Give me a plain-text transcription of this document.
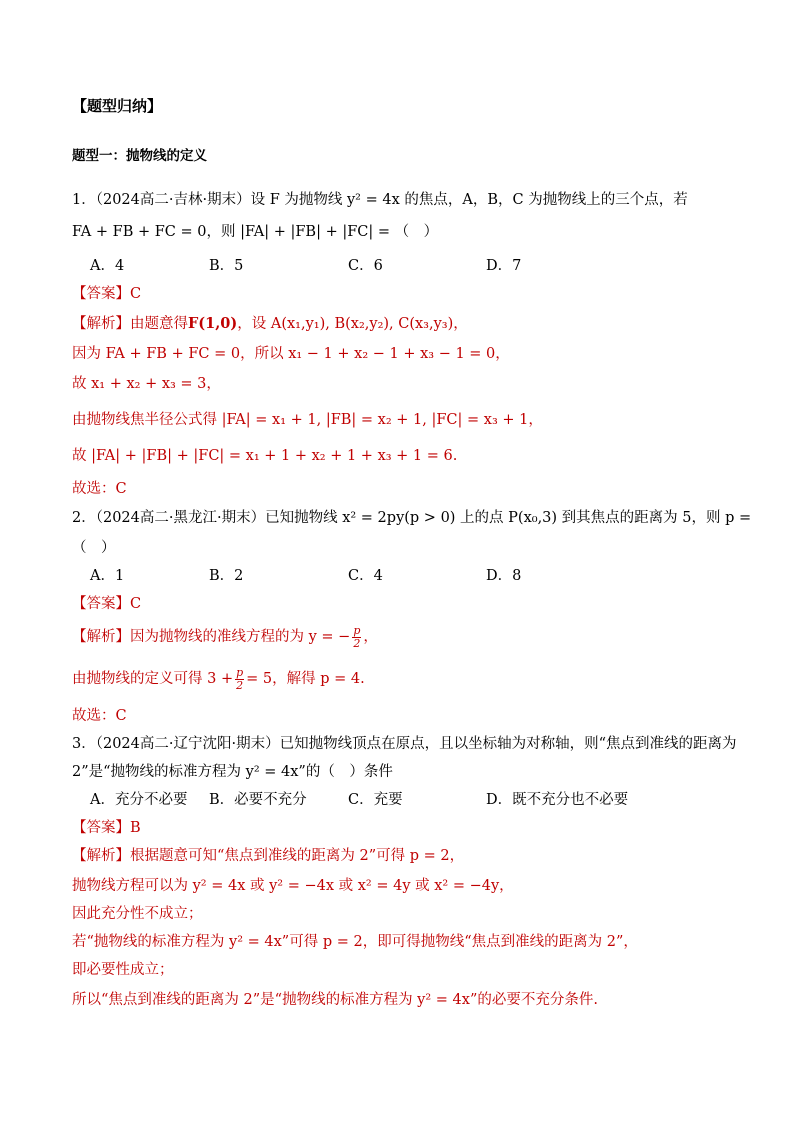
【题型归纳】
题型一：抛物线的定义
1．（2024高二·吉林·期末）设 F 为抛物线 y² = 4x 的焦点，A，B，C 为抛物线上的三个点，若
FA + FB + FC = 0，则 |FA| + |FB| + |FC| = （　）
A．4	B．5	C．6	D．7
【答案】C
【解析】由题意得F(1,0)，设 A(x₁,y₁), B(x₂,y₂), C(x₃,y₃)，
因为 FA + FB + FC = 0，所以 x₁ − 1 + x₂ − 1 + x₃ − 1 = 0，
故 x₁ + x₂ + x₃ = 3，
由抛物线焦半径公式得 |FA| = x₁ + 1, |FB| = x₂ + 1, |FC| = x₃ + 1，
故 |FA| + |FB| + |FC| = x₁ + 1 + x₂ + 1 + x₃ + 1 = 6.
故选：C
2．（2024高二·黑龙江·期末）已知抛物线 x² = 2py(p > 0) 上的点 P(x₀,3) 到其焦点的距离为 5，则 p =
（　）
A．1	B．2	C．4	D．8
【答案】C
【解析】因为抛物线的准线方程的为 y = − $\frac{p}{2}$ ，
由抛物线的定义可得 $3 + \frac{p}{2} = 5$，解得 p = 4.
故选：C
3．（2024高二·辽宁沈阳·期末）已知抛物线顶点在原点，且以坐标轴为对称轴，则“焦点到准线的距离为
2”是“抛物线的标准方程为 y² = 4x”的（　）条件
A．充分不必要 B．必要不充分	C．充要	D．既不充分也不必要
【答案】B
【解析】根据题意可知“焦点到准线的距离为 2”可得 p = 2，
抛物线方程可以为 y² = 4x 或 y² = −4x 或 x² = 4y 或 x² = −4y，
因此充分性不成立；
若“抛物线的标准方程为 y² = 4x”可得 p = 2，即可得抛物线“焦点到准线的距离为 2”，
即必要性成立；
所以“焦点到准线的距离为 2”是“抛物线的标准方程为 y² = 4x”的必要不充分条件.
